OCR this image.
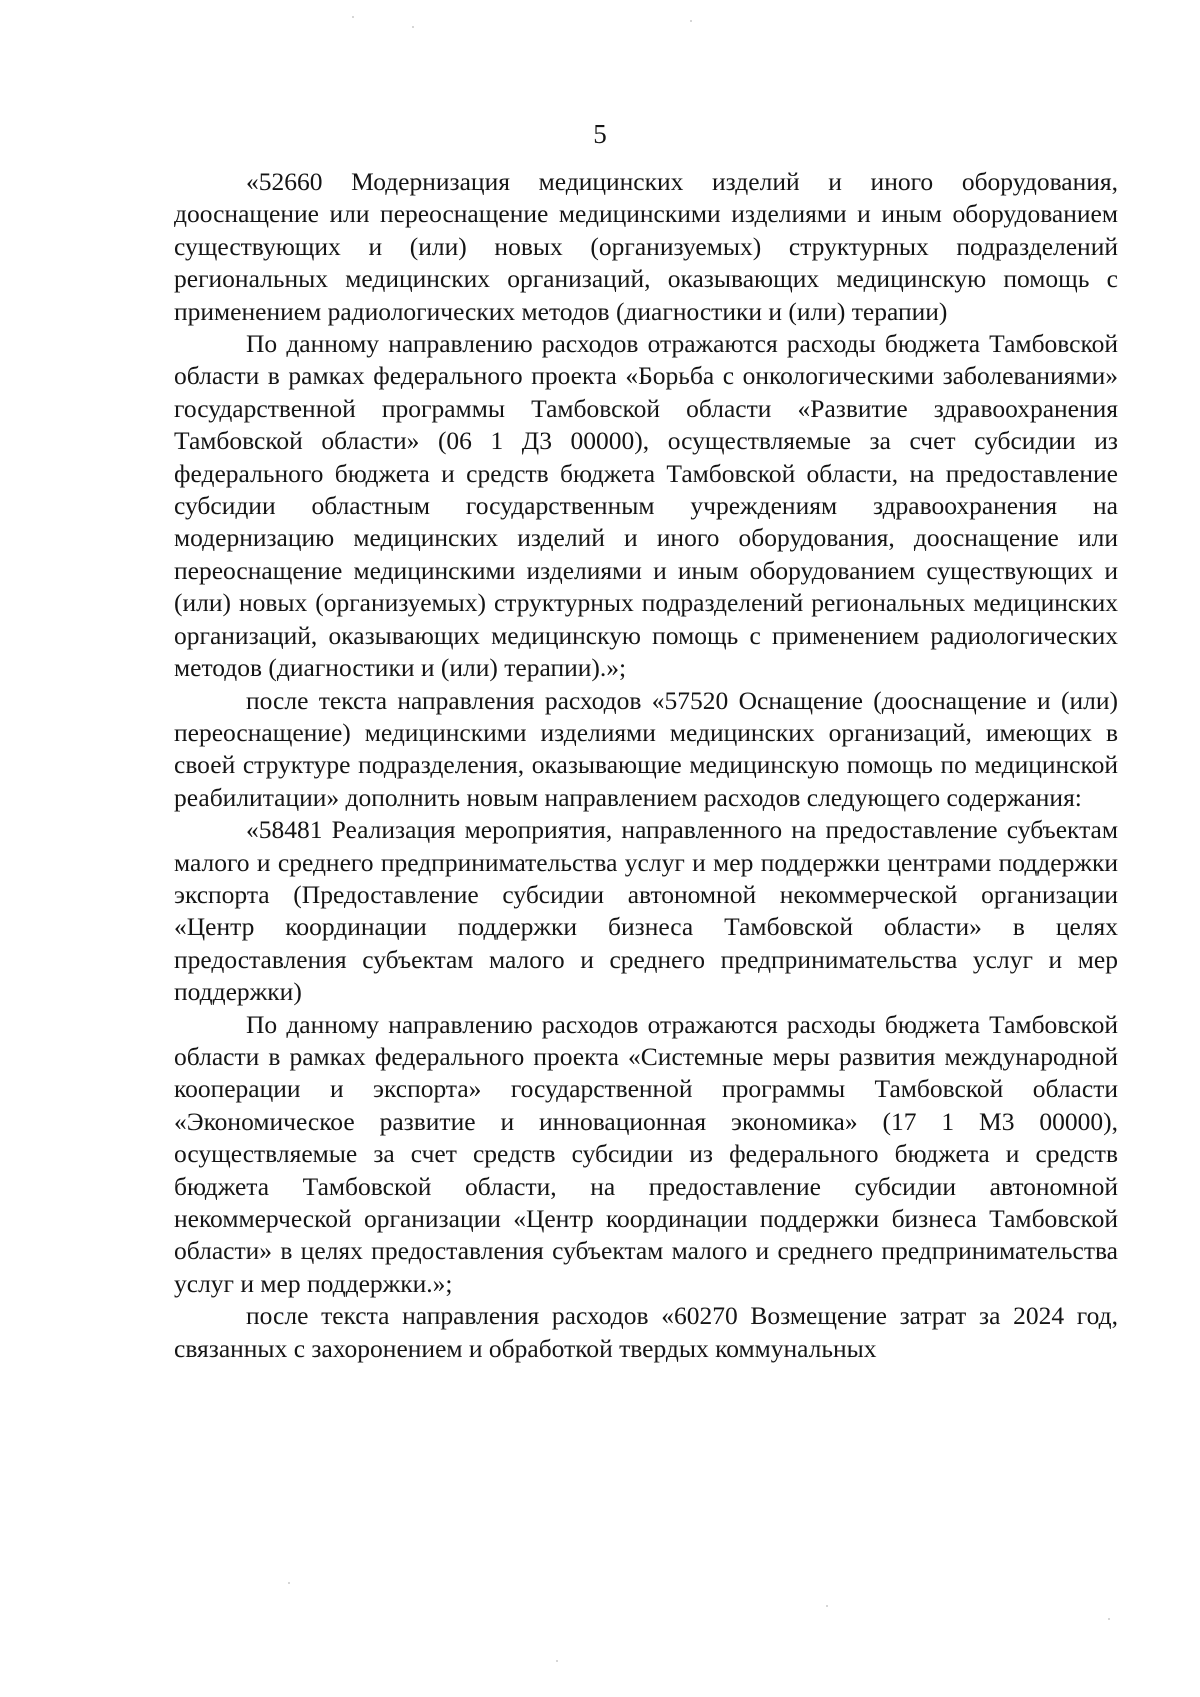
5

«52660 Модернизация медицинских изделий и иного оборудования, дооснащение или переоснащение медицинскими изделиями и иным оборудованием существующих и (или) новых (организуемых) структурных подразделений региональных медицинских организаций, оказывающих медицинскую помощь с применением радиологических методов (диагностики и (или) терапии)

По данному направлению расходов отражаются расходы бюджета Тамбовской области в рамках федерального проекта «Борьба с онкологическими заболеваниями» государственной программы Тамбовской области «Развитие здравоохранения Тамбовской области» (06 1 Д3 00000), осуществляемые за счет субсидии из федерального бюджета и средств бюджета Тамбовской области, на предоставление субсидии областным государственным учреждениям здравоохранения на модернизацию медицинских изделий и иного оборудования, дооснащение или переоснащение медицинскими изделиями и иным оборудованием существующих и (или) новых (организуемых) структурных подразделений региональных медицинских организаций, оказывающих медицинскую помощь с применением радиологических методов (диагностики и (или) терапии).»;

после текста направления расходов «57520 Оснащение (дооснащение и (или) переоснащение) медицинскими изделиями медицинских организаций, имеющих в своей структуре подразделения, оказывающие медицинскую помощь по медицинской реабилитации» дополнить новым направлением расходов следующего содержания:

«58481 Реализация мероприятия, направленного на предоставление субъектам малого и среднего предпринимательства услуг и мер поддержки центрами поддержки экспорта (Предоставление субсидии автономной некоммерческой организации «Центр координации поддержки бизнеса Тамбовской области» в целях предоставления субъектам малого и среднего предпринимательства услуг и мер поддержки)

По данному направлению расходов отражаются расходы бюджета Тамбовской области в рамках федерального проекта «Системные меры развития международной кооперации и экспорта» государственной программы Тамбовской области «Экономическое развитие и инновационная экономика» (17 1 М3 00000), осуществляемые за счет средств субсидии из федерального бюджета и средств бюджета Тамбовской области, на предоставление субсидии автономной некоммерческой организации «Центр координации поддержки бизнеса Тамбовской области» в целях предоставления субъектам малого и среднего предпринимательства услуг и мер поддержки.»;

после текста направления расходов «60270 Возмещение затрат за 2024 год, связанных с захоронением и обработкой твердых коммунальных
